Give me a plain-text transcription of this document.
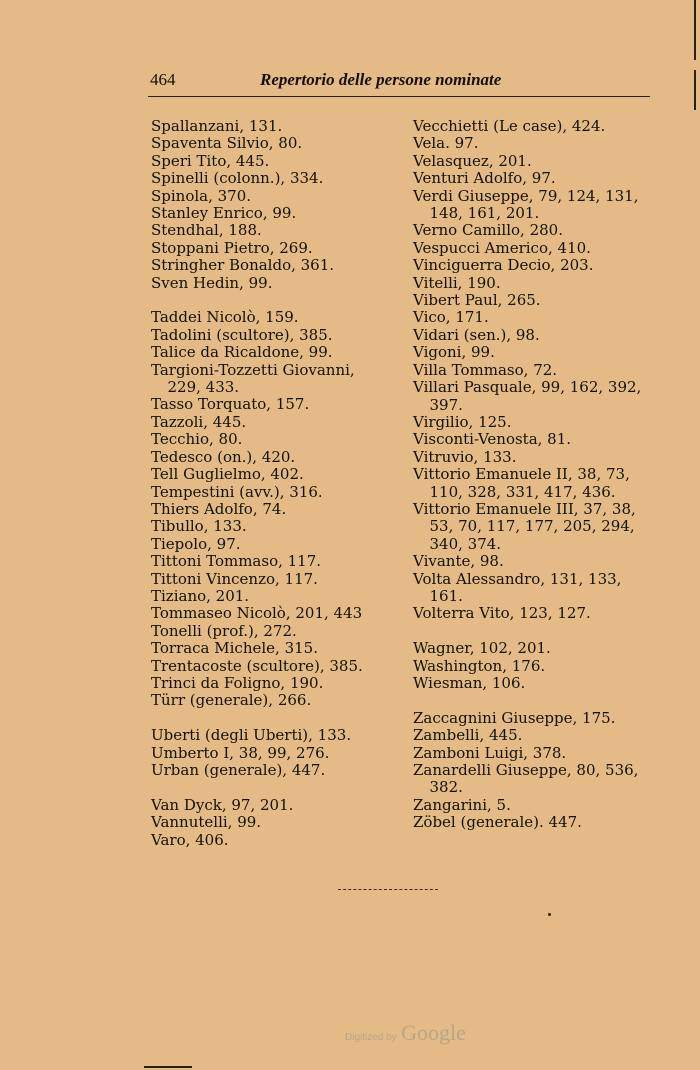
464	Repertorio delle persone nominate
Spallanzani, 131.
Spaventa Silvio, 80.
Speri Tito, 445.
Spinelli (colonn.), 334.
Spinola, 370.
Stanley Enrico, 99.
Stendhal, 188.
Stoppani Pietro, 269.
Stringher Bonaldo, 361.
Sven Hedin, 99.
Taddei Nicolò, 159.
Tadolini (scultore), 385.
Talice da Ricaldone, 99.
Targioni-Tozzetti Giovanni, 229, 433.
Tasso Torquato, 157.
Tazzoli, 445.
Tecchio, 80.
Tedesco (on.), 420.
Tell Guglielmo, 402.
Tempestini (avv.), 316.
Thiers Adolfo, 74.
Tibullo, 133.
Tiepolo, 97.
Tittoni Tommaso, 117.
Tittoni Vincenzo, 117.
Tiziano, 201.
Tommaseo Nicolò, 201, 443
Tonelli (prof.), 272.
Torraca Michele, 315.
Trentacoste (scultore), 385.
Trinci da Foligno, 190.
Türr (generale), 266.
Uberti (degli Uberti), 133.
Umberto I, 38, 99, 276.
Urban (generale), 447.
Van Dyck, 97, 201.
Vannutelli, 99.
Varo, 406.
Vecchietti (Le case), 424.
Vela. 97.
Velasquez, 201.
Venturi Adolfo, 97.
Verdi Giuseppe, 79, 124, 131, 148, 161, 201.
Verno Camillo, 280.
Vespucci Americo, 410.
Vinciguerra Decio, 203.
Vitelli, 190.
Vibert Paul, 265.
Vico, 171.
Vidari (sen.), 98.
Vigoni, 99.
Villa Tommaso, 72.
Villari Pasquale, 99, 162, 392, 397.
Virgilio, 125.
Visconti-Venosta, 81.
Vitruvio, 133.
Vittorio Emanuele II, 38, 73, 110, 328, 331, 417, 436.
Vittorio Emanuele III, 37, 38, 53, 70, 117, 177, 205, 294, 340, 374.
Vivante, 98.
Volta Alessandro, 131, 133, 161.
Volterra Vito, 123, 127.
Wagner, 102, 201.
Washington, 176.
Wiesman, 106.
Zaccagnini Giuseppe, 175.
Zambelli, 445.
Zamboni Luigi, 378.
Zanardelli Giuseppe, 80, 536, 382.
Zangarini, 5.
Zöbel (generale). 447.
Digitized by Google
